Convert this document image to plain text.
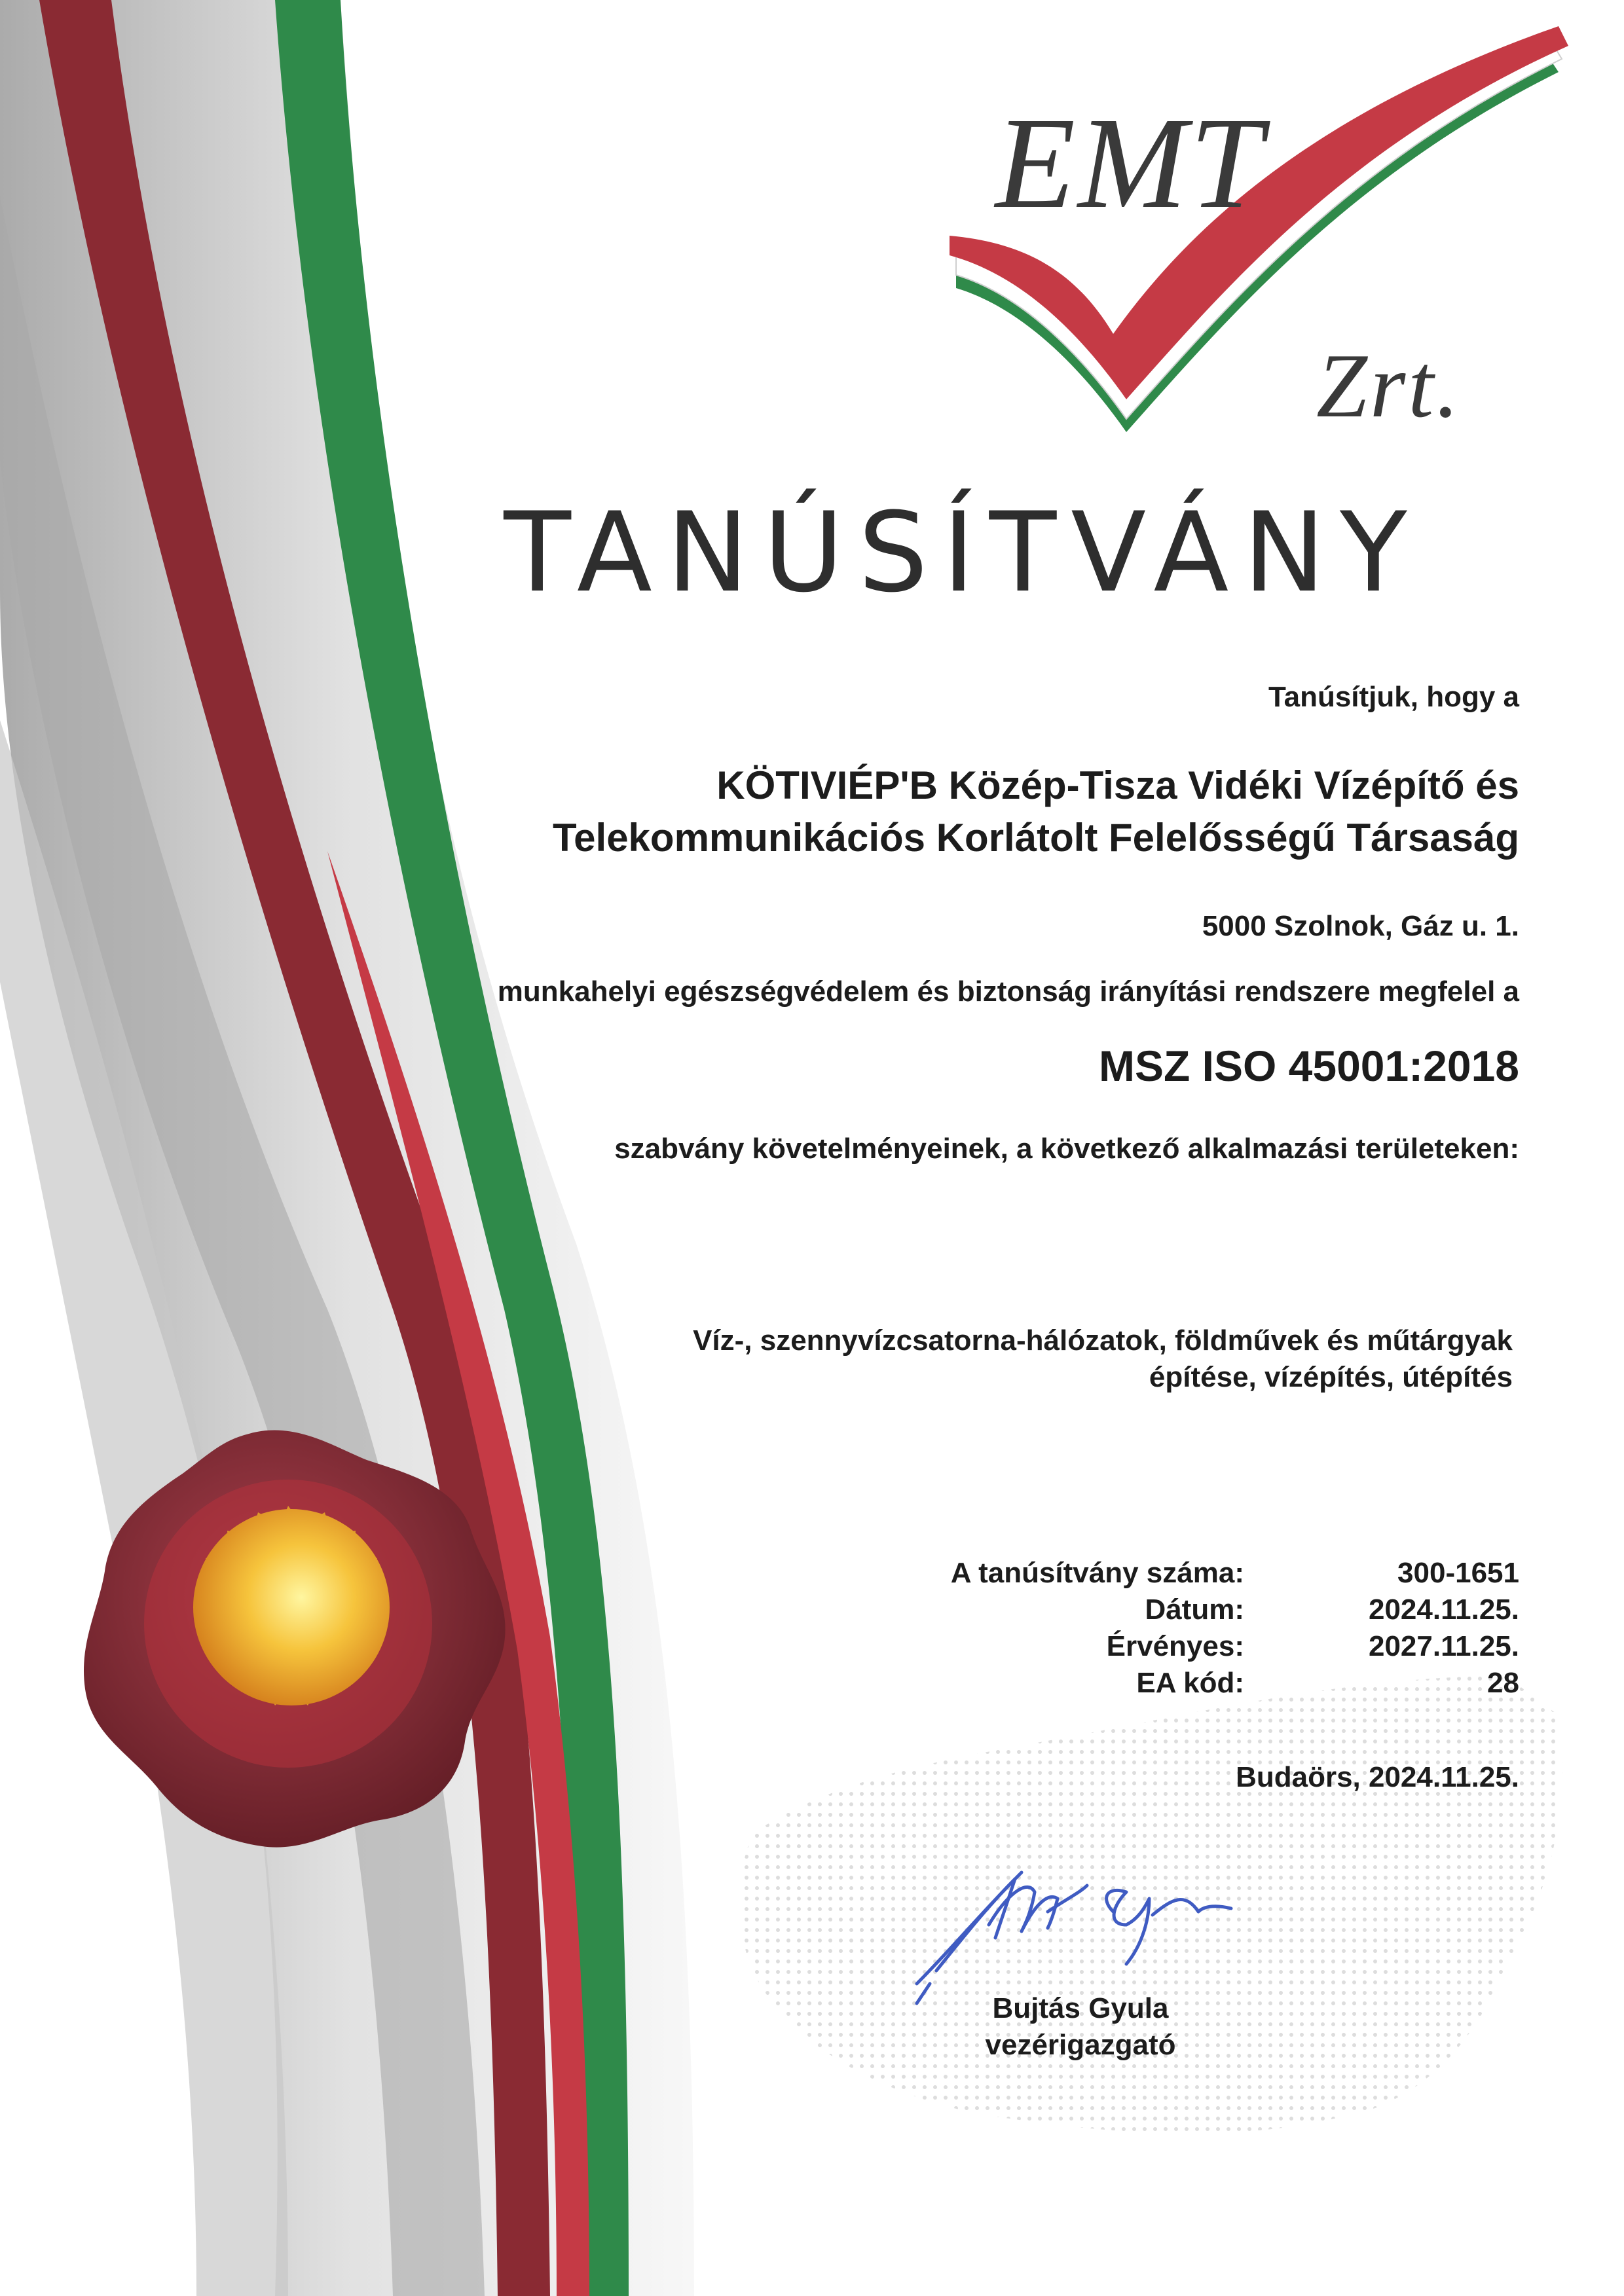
EMT
Zrt.
TANÚSÍTVÁNY
Tanúsítjuk, hogy a
KÖTIVIÉP'B Közép-Tisza Vidéki Vízépítő és
Telekommunikációs Korlátolt Felelősségű Társaság
5000 Szolnok, Gáz u. 1.
munkahelyi egészségvédelem és biztonság irányítási rendszere megfelel a
MSZ ISO 45001:2018
szabvány követelményeinek, a következő alkalmazási területeken:
Víz-, szennyvízcsatorna-hálózatok, földművek és műtárgyak
építése, vízépítés, útépítés
A tanúsítvány száma:	300-1651
Dátum:	2024.11.25.
Érvényes:	2027.11.25.
EA kód:	28
Budaörs, 2024.11.25.
Bujtás Gyula
vezérigazgató
